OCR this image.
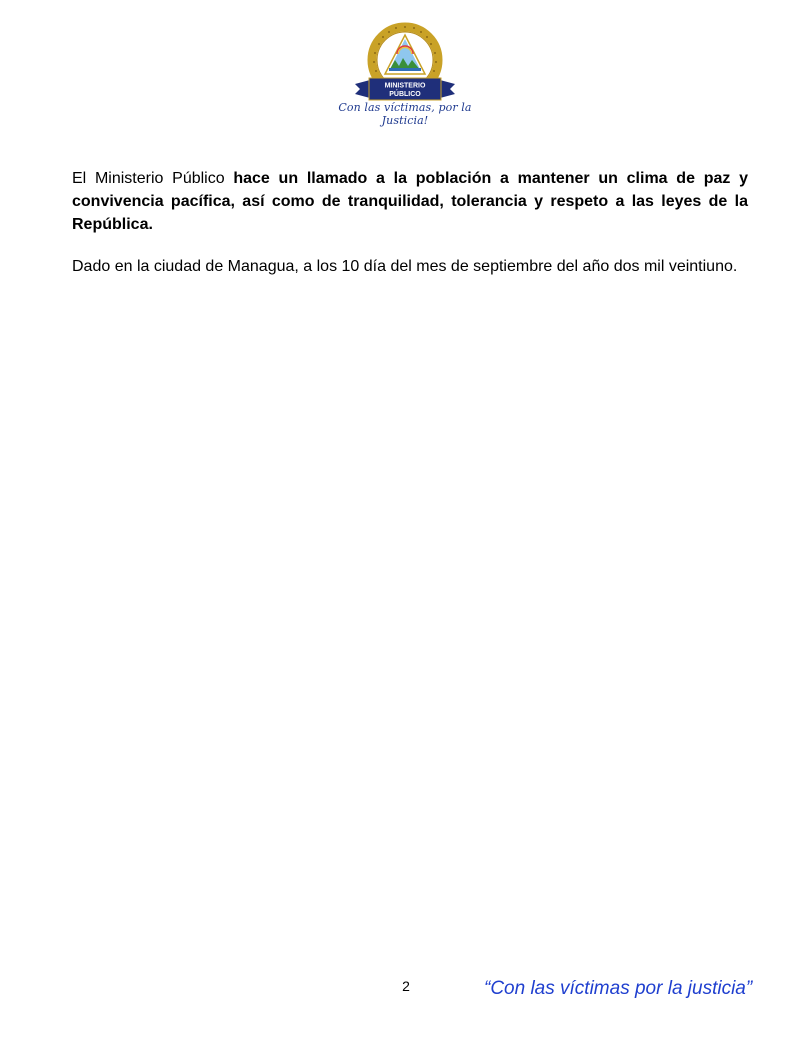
MINISTERIO
PÚBLICO
Con las víctimas, por la Justicia!

El Ministerio Público hace un llamado a la población a mantener un clima de paz y convivencia pacífica, así como de tranquilidad, tolerancia y respeto a las leyes de la República.

Dado en la ciudad de Managua, a los 10 día del mes de septiembre del año dos mil veintiuno.

2	“Con las víctimas por la justicia”
